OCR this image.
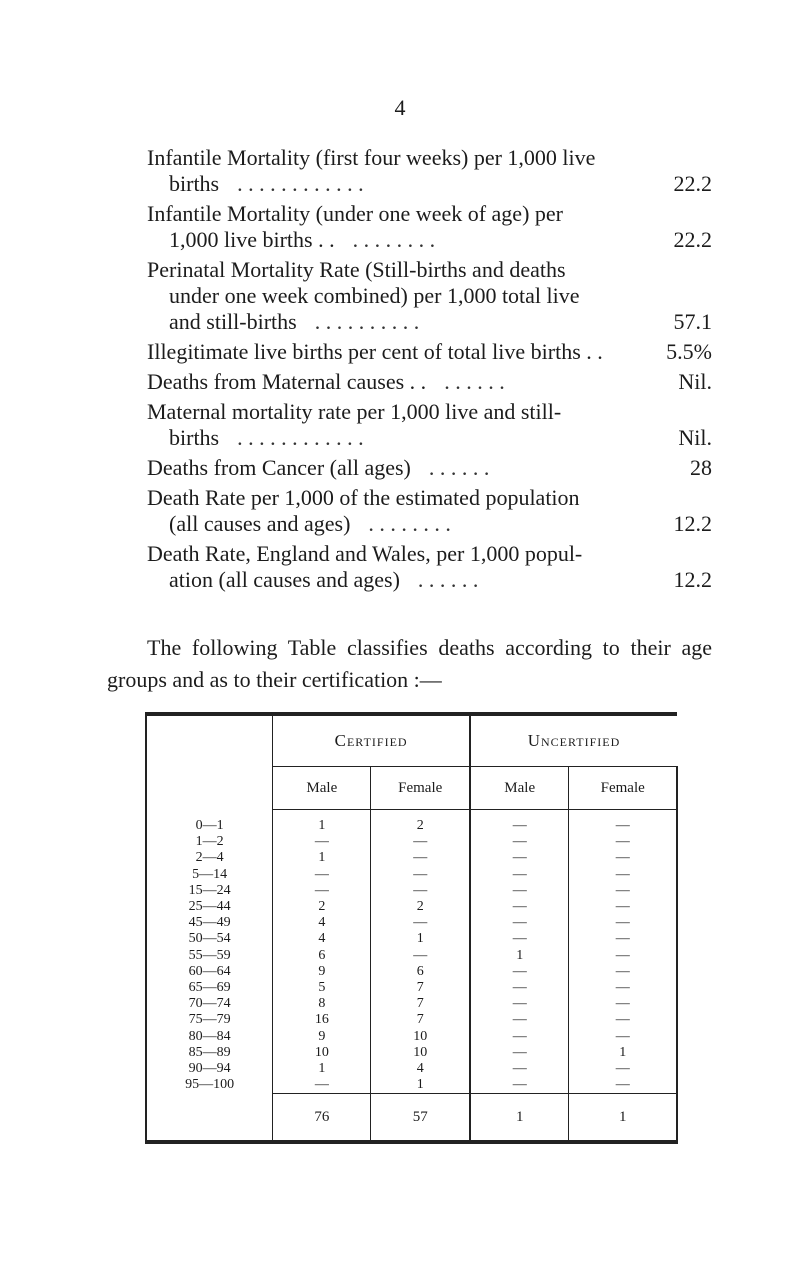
4
Infantile Mortality (first four weeks) per 1,000 live
births . . . . . . . . . . . .	22.2
Infantile Mortality (under one week of age) per
1,000 live births . . . . . . . . . .	22.2
Perinatal Mortality Rate (Still-births and deaths
under one week combined) per 1,000 total live
and still-births . . . . . . . . . .	57.1
Illegitimate live births per cent of total live births . .	5.5%
Deaths from Maternal causes . . . . . . . .	Nil.
Maternal mortality rate per 1,000 live and still-
births . . . . . . . . . . . .	Nil.
Deaths from Cancer (all ages) . . . . . .	28
Death Rate per 1,000 of the estimated population
(all causes and ages) . . . . . . . .	12.2
Death Rate, England and Wales, per 1,000 popul-
ation (all causes and ages) . . . . . .	12.2

The following Table classifies deaths according to their age groups and as to their certification :—

	Certified		Uncertified	
	Male	Female	Male	Female
0—1	1	2	—	—
1—2	—	—	—	—
2—4	1	—	—	—
5—14	—	—	—	—
15—24	—	—	—	—
25—44	2	2	—	—
45—49	4	—	—	—
50—54	4	1	—	—
55—59	6	—	1	—
60—64	9	6	—	—
65—69	5	7	—	—
70—74	8	7	—	—
75—79	16	7	—	—
80—84	9	10	—	—
85—89	10	10	—	1
90—94	1	4	—	—
95—100	—	1	—	—
	76	57	1	1
